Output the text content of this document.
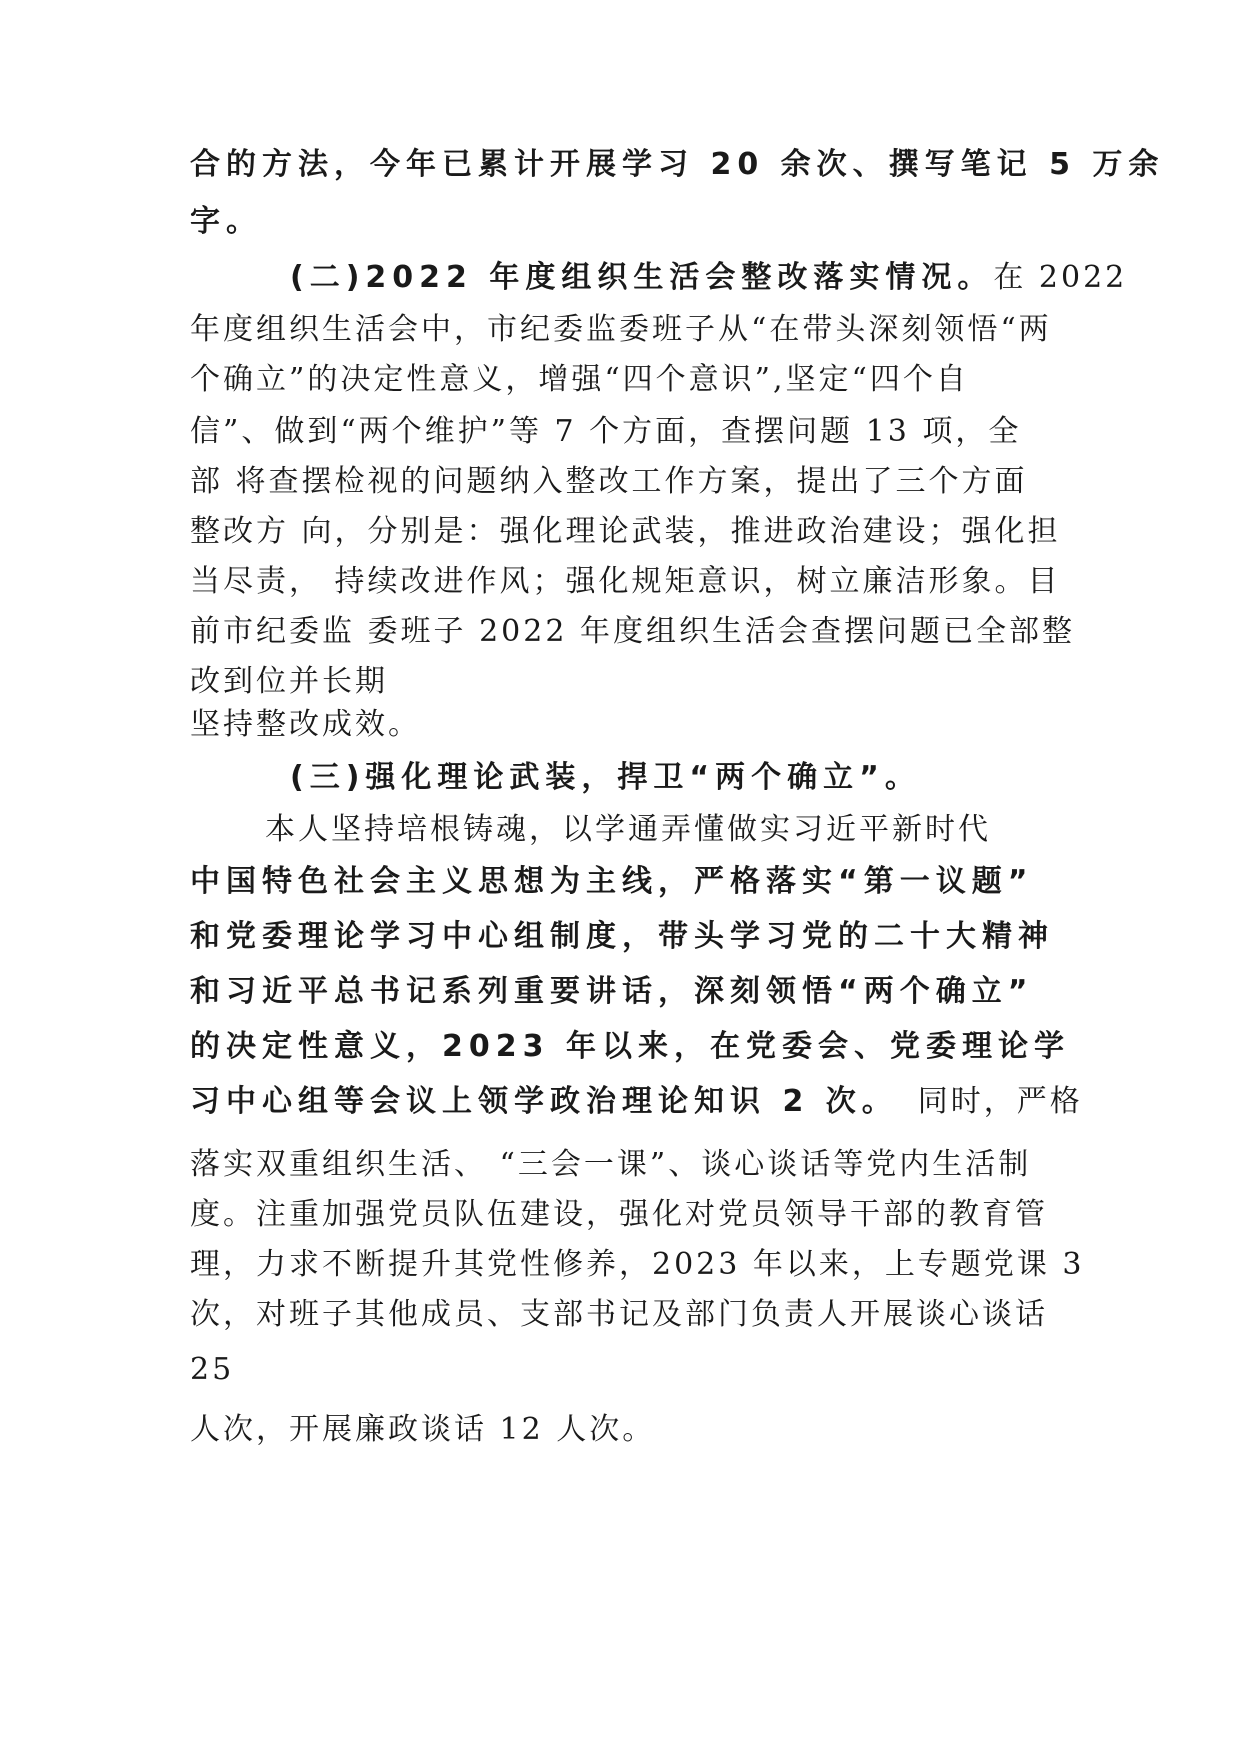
合的方法，今年已累计开展学习 20 余次、撰写笔记 5 万余
字。
(二)2022 年度组织生活会整改落实情况。在 2022
年度组织生活会中，市纪委监委班子从“在带头深刻领悟“两
个确立”的决定性意义，增强“四个意识”,坚定“四个自
信”、做到“两个维护”等 7 个方面，查摆问题 13 项，全
部 将查摆检视的问题纳入整改工作方案，提出了三个方面
整改方 向，分别是：强化理论武装，推进政治建设；强化担
当尽责， 持续改进作风；强化规矩意识，树立廉洁形象。目
前市纪委监 委班子 2022 年度组织生活会查摆问题已全部整
改到位并长期
坚持整改成效。
(三)强化理论武装，捍卫“两个确立”。
本人坚持培根铸魂，以学通弄懂做实习近平新时代
中国特色社会主义思想为主线，严格落实“第一议题”
和党委理论学习中心组制度，带头学习党的二十大精神
和习近平总书记系列重要讲话，深刻领悟“两个确立”
的决定性意义，2023 年以来，在党委会、党委理论学
习中心组等会议上领学政治理论知识 2 次。 同时，严格
落实双重组织生活、 “三会一课”、谈心谈话等党内生活制
度。注重加强党员队伍建设，强化对党员领导干部的教育管
理，力求不断提升其党性修养，2023 年以来，上专题党课 3
次，对班子其他成员、支部书记及部门负责人开展谈心谈话
25
人次，开展廉政谈话 12 人次。
